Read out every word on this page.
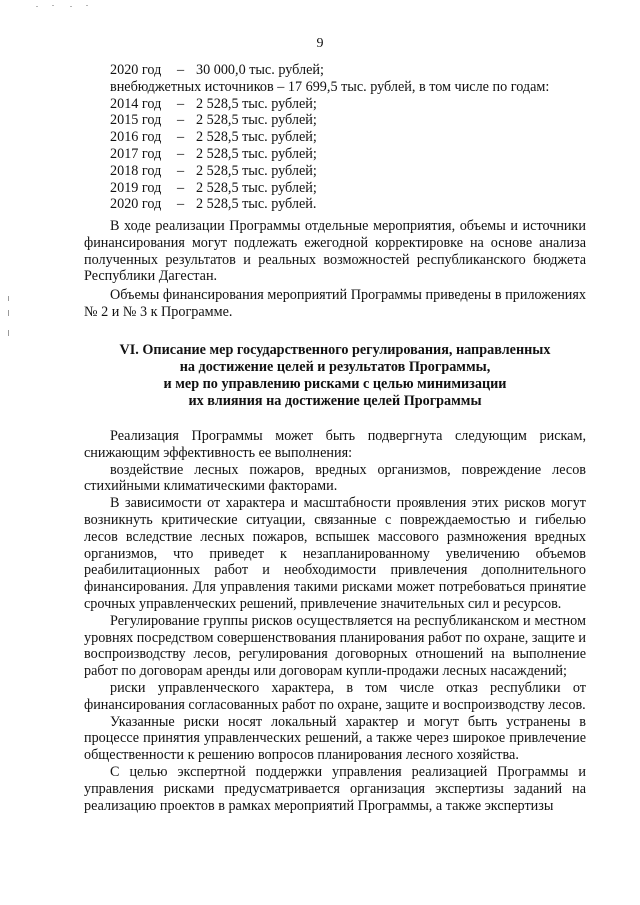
9
2020 год – 30 000,0 тыс. рублей;
внебюджетных источников – 17 699,5 тыс. рублей, в том числе по годам:
2014 год – 2 528,5 тыс. рублей;
2015 год – 2 528,5 тыс. рублей;
2016 год – 2 528,5 тыс. рублей;
2017 год – 2 528,5 тыс. рублей;
2018 год – 2 528,5 тыс. рублей;
2019 год – 2 528,5 тыс. рублей;
2020 год – 2 528,5 тыс. рублей.

В ходе реализации Программы отдельные мероприятия, объемы и источники финансирования могут подлежать ежегодной корректировке на основе анализа полученных результатов и реальных возможностей республиканского бюджета Республики Дагестан.

Объемы финансирования мероприятий Программы приведены в приложениях № 2 и № 3 к Программе.

VI. Описание мер государственного регулирования, направленных
на достижение целей и результатов Программы,
и мер по управлению рисками с целью минимизации
их влияния на достижение целей Программы

Реализация Программы может быть подвергнута следующим рискам, снижающим эффективность ее выполнения:

воздействие лесных пожаров, вредных организмов, повреждение лесов стихийными климатическими факторами.

В зависимости от характера и масштабности проявления этих рисков могут возникнуть критические ситуации, связанные с повреждаемостью и гибелью лесов вследствие лесных пожаров, вспышек массового размножения вредных организмов, что приведет к незапланированному увеличению объемов реабилитационных работ и необходимости привлечения дополнительного финансирования. Для управления такими рисками может потребоваться принятие срочных управленческих решений, привлечение значительных сил и ресурсов.

Регулирование группы рисков осуществляется на республиканском и местном уровнях посредством совершенствования планирования работ по охране, защите и воспроизводству лесов, регулирования договорных отношений на выполнение работ по договорам аренды или договорам купли-продажи лесных насаждений;

риски управленческого характера, в том числе отказ республики от финансирования согласованных работ по охране, защите и воспроизводству лесов.

Указанные риски носят локальный характер и могут быть устранены в процессе принятия управленческих решений, а также через широкое привлечение общественности к решению вопросов планирования лесного хозяйства.

С целью экспертной поддержки управления реализацией Программы и управления рисками предусматривается организация экспертизы заданий на реализацию проектов в рамках мероприятий Программы, а также экспертизы
